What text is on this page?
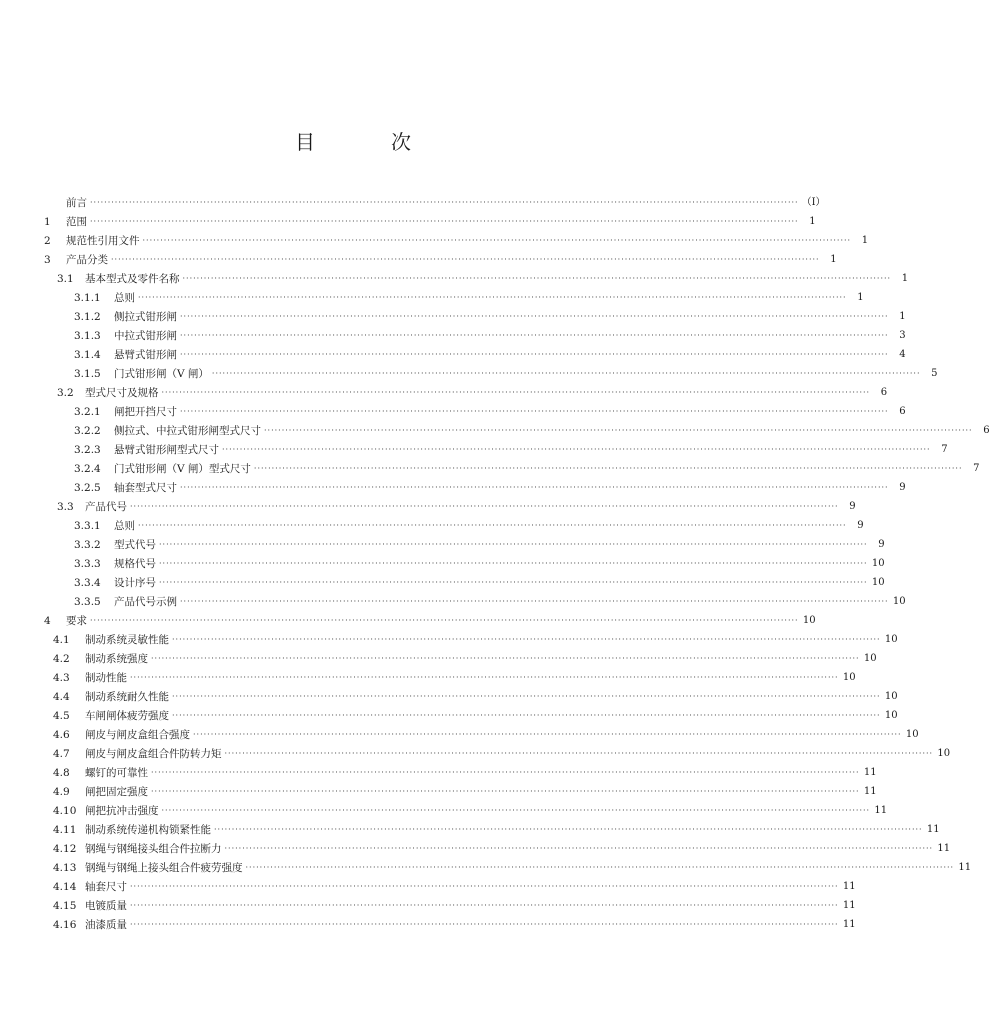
目　次
前言 ········································································································································································································ （Ⅰ）
1	范围 ········································································································································································································	1
2	规范性引用文件 ········································································································································································································	1
3	产品分类 ········································································································································································································	1
3.1	基本型式及零件名称 ········································································································································································································	1
3.1.1	总则 ········································································································································································································	1
3.1.2	侧拉式钳形闸 ········································································································································································································	1
3.1.3	中拉式钳形闸 ········································································································································································································	3
3.1.4	悬臂式钳形闸 ········································································································································································································	4
3.1.5	门式钳形闸（V 闸） ········································································································································································································	5
3.2	型式尺寸及规格 ········································································································································································································	6
3.2.1	闸把开挡尺寸 ········································································································································································································	6
3.2.2	侧拉式、中拉式钳形闸型式尺寸 ········································································································································································································	6
3.2.3	悬臂式钳形闸型式尺寸 ········································································································································································································	7
3.2.4	门式钳形闸（V 闸）型式尺寸 ········································································································································································································	7
3.2.5	轴套型式尺寸 ········································································································································································································	9
3.3	产品代号 ········································································································································································································	9
3.3.1	总则 ········································································································································································································	9
3.3.2	型式代号 ········································································································································································································	9
3.3.3	规格代号 ········································································································································································································ 10
3.3.4	设计序号 ········································································································································································································ 10
3.3.5	产品代号示例 ········································································································································································································ 10
4	要求 ········································································································································································································ 10
4.1	制动系统灵敏性能 ········································································································································································································ 10
4.2	制动系统强度 ········································································································································································································ 10
4.3	制动性能 ········································································································································································································ 10
4.4	制动系统耐久性能 ········································································································································································································ 10
4.5	车闸闸体疲劳强度 ········································································································································································································ 10
4.6	闸皮与闸皮盒组合强度 ········································································································································································································ 10
4.7	闸皮与闸皮盒组合件防转力矩 ········································································································································································································ 10
4.8	螺钉的可靠性 ········································································································································································································ 11
4.9	闸把固定强度 ········································································································································································································ 11
4.10 闸把抗冲击强度 ········································································································································································································ 11
4.11 制动系统传递机构锁紧性能 ········································································································································································································ 11
4.12 钢绳与钢绳接头组合件拉断力 ········································································································································································································ 11
4.13 钢绳与钢绳上接头组合件疲劳强度 ········································································································································································································ 11
4.14 轴套尺寸 ········································································································································································································ 11
4.15 电镀质量 ········································································································································································································ 11
4.16 油漆质量 ········································································································································································································ 11
